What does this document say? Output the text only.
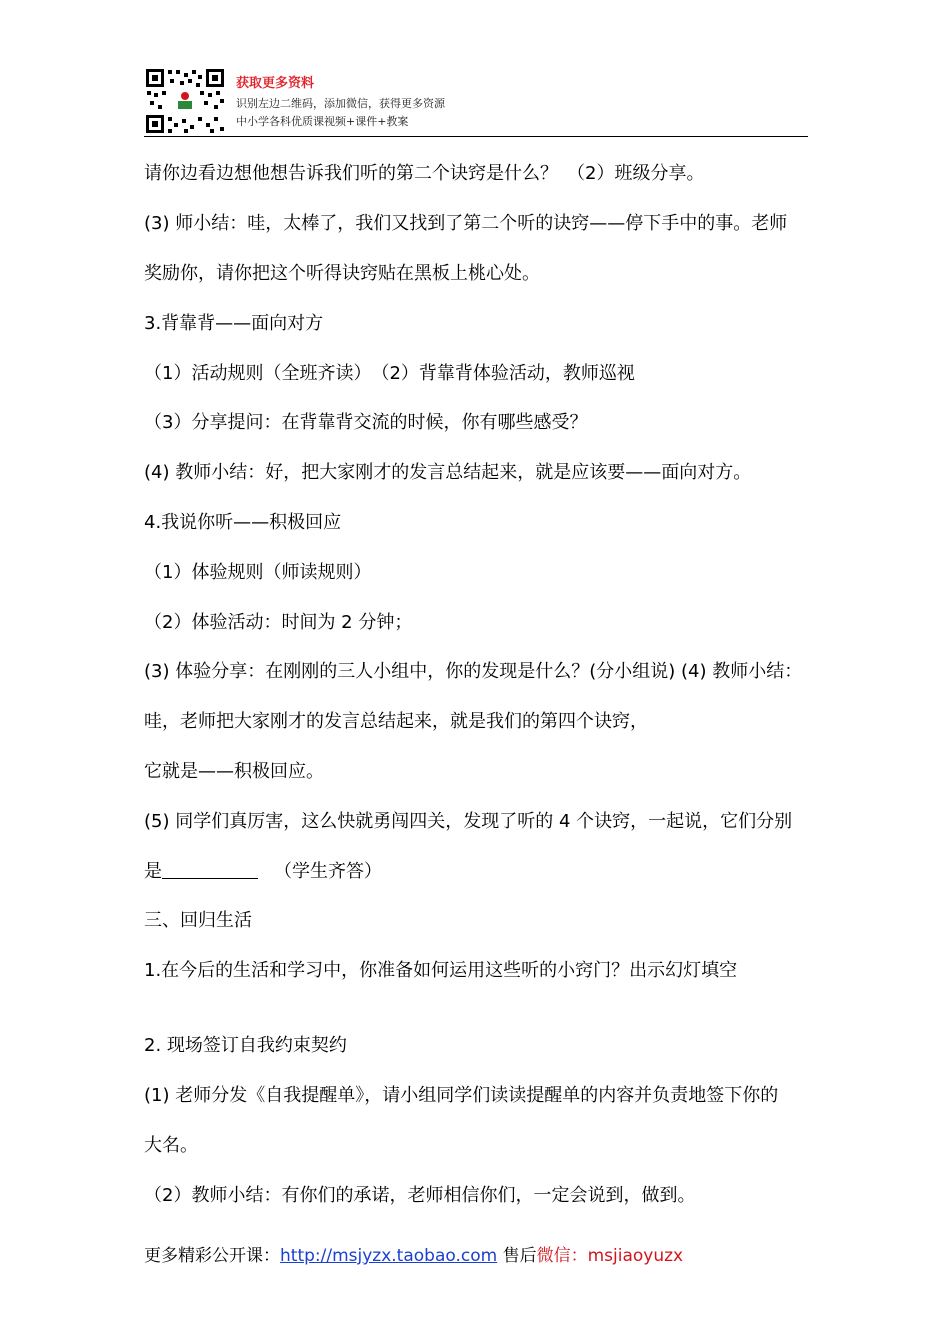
获取更多资料
识别左边二维码，添加微信，获得更多资源
中小学各科优质课视频+课件+教案
请你边看边想他想告诉我们听的第二个诀窍是什么？　（2）班级分享。
(3) 师小结：哇，太棒了，我们又找到了第二个听的诀窍——停下手中的事。老师
奖励你，请你把这个听得诀窍贴在黑板上桃心处。
3.背靠背——面向对方
（1）活动规则（全班齐读）　（2）背靠背体验活动，教师巡视
（3）分享提问：在背靠背交流的时候，你有哪些感受？
(4) 教师小结：好，把大家刚才的发言总结起来，就是应该要——面向对方。
4.我说你听——积极回应
（1）体验规则（师读规则）
（2）体验活动：时间为 2 分钟；
(3) 体验分享：在刚刚的三人小组中，你的发现是什么？(分小组说) (4) 教师小结：
哇，老师把大家刚才的发言总结起来，就是我们的第四个诀窍，
它就是——积极回应。
(5) 同学们真厉害，这么快就勇闯四关，发现了听的 4 个诀窍，一起说，它们分别
是	（学生齐答）
三、回归生活
1.在今后的生活和学习中，你准备如何运用这些听的小窍门？出示幻灯填空
2. 现场签订自我约束契约
(1) 老师分发《自我提醒单》，请小组同学们读读提醒单的内容并负责地签下你的
大名。
（2）教师小结：有你们的承诺，老师相信你们，一定会说到，做到。
更多精彩公开课：http://msjyzx.taobao.com 售后微信：msjiaoyuzx
